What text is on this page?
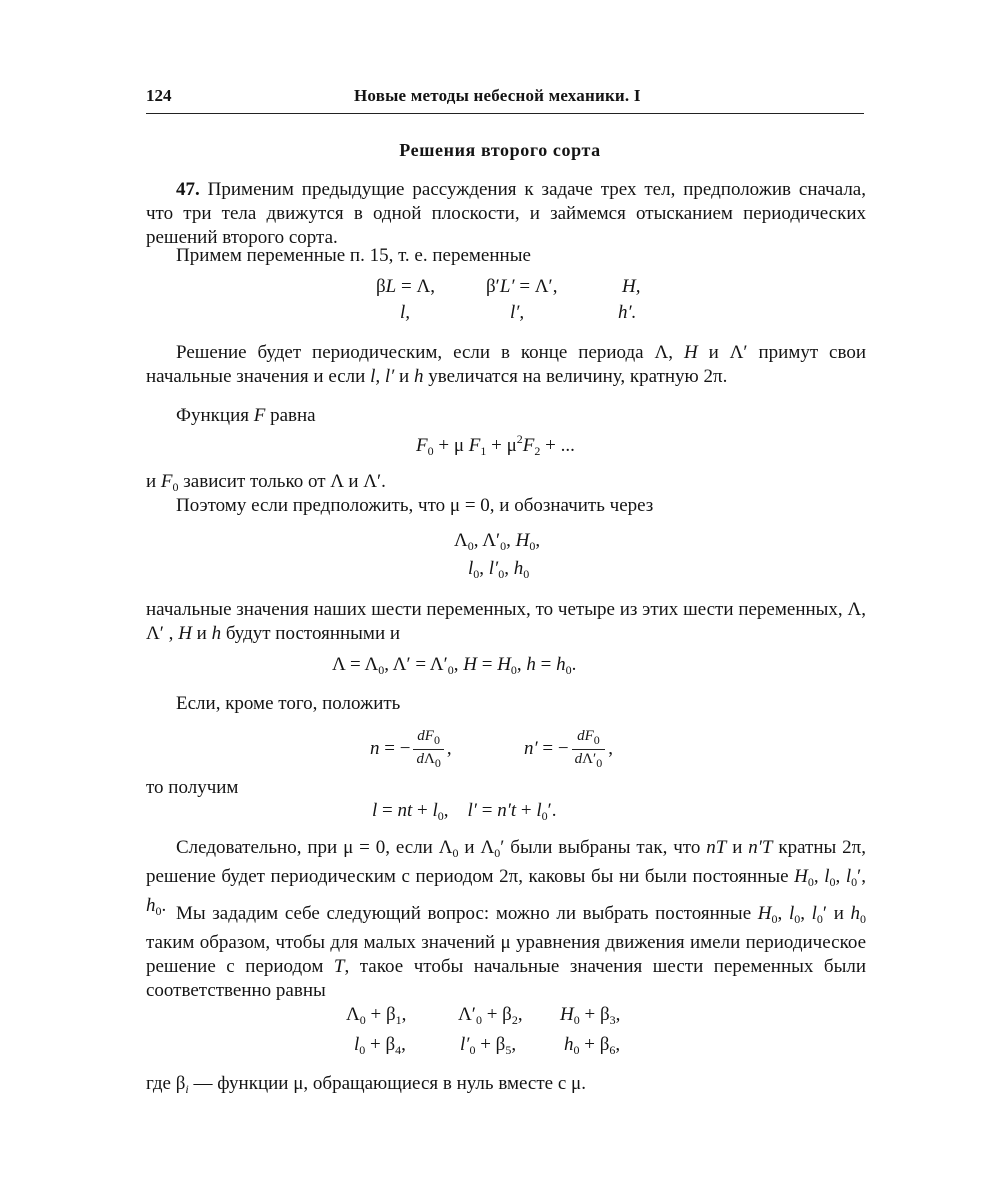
124	Новые методы небесной механики. I
Решения второго сорта

47. Применим предыдущие рассуждения к задаче трех тел, предположив сначала, что три тела движутся в одной плоскости, и займемся отысканием периодических решений второго сорта.

Примем переменные п. 15, т. е. переменные

βL = Λ,	β′L′ = Λ′,	H,
l,	l′,	h′.

Решение будет периодическим, если в конце периода Λ, H и Λ′ примут свои начальные значения и если l, l′ и h увеличатся на величину, кратную 2π.

Функция F равна

$F_0 + \mu$ $F_1 + \mu^2F_2$ + ...

и $F_0$ зависит только от Λ и Λ′.

Поэтому если предположить, что μ = 0, и обозначить через

$\Lambda_0$, $\Lambda'_0$, $H_0$,
$l_0$, $l'_0$, $h_0$

начальные значения наших шести переменных, то четыре из этих шести переменных, Λ, Λ′ , H и h будут постоянными и

$\Lambda = \Lambda_0$, $\Lambda' = \Lambda'_0$, $H = H_0$, $h = h_0$.

Если, кроме того, положить

n = − $\frac{dF_0}{d\Lambda_0}$ ,	n′ = − $\frac{dF_0}{d\Lambda'_0}$ ,

то получим

l = nt + $l_0$,    $l' = n't + l_0'$.

Следовательно, при μ = 0, если $\Lambda_0$ и $\Lambda_0'$ были выбраны так, что nT и n′T кратны 2π, решение будет периодическим с периодом 2π, каковы бы ни были постоянные $H_0$, $l_0$, $l_0'$, $h_0$. Мы зададим себе следующий вопрос: можно ли выбрать постоянные $H_0$, $l_0$, $l_0'$ и $h_0$ таким образом, чтобы для малых значений μ уравнения движения имели периодическое решение с периодом T, такое чтобы начальные значения шести переменных были соответственно равны

$\Lambda_0 + \beta_1$,	$\Lambda'_0 + \beta_2$, $H_0 + \beta_3$,
$l_0 + \beta_4$,	$l'_0 + \beta_5$,	$h_0 + \beta_6$,

где $\beta_i$ — функции μ, обращающиеся в нуль вместе с μ.
